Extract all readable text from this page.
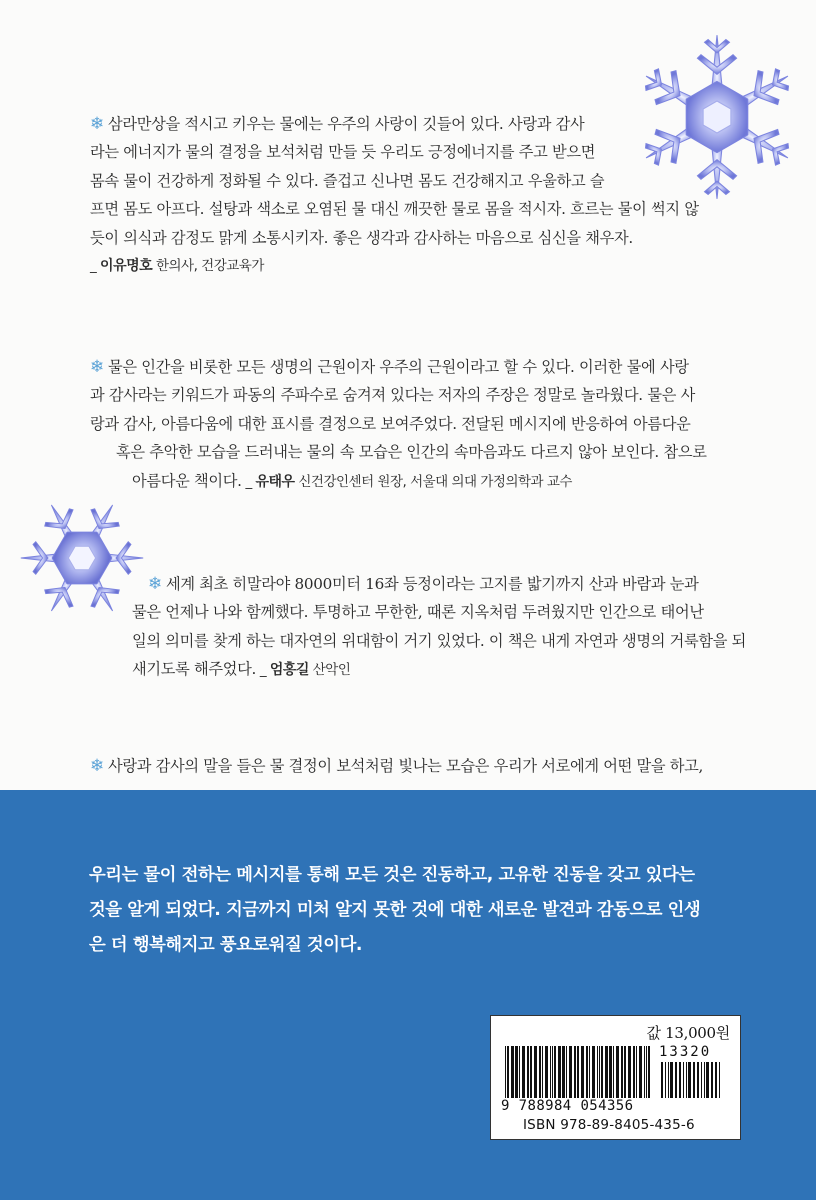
❄ 삼라만상을 적시고 키우는 물에는 우주의 사랑이 깃들어 있다. 사랑과 감사
라는 에너지가 물의 결정을 보석처럼 만들 듯 우리도 긍정에너지를 주고 받으면
몸속 물이 건강하게 정화될 수 있다. 즐겁고 신나면 몸도 건강해지고 우울하고 슬
프면 몸도 아프다. 설탕과 색소로 오염된 물 대신 깨끗한 물로 몸을 적시자. 흐르는 물이 썩지 않
듯이 의식과 감정도 맑게 소통시키자. 좋은 생각과 감사하는 마음으로 심신을 채우자.
_ 이유명호 한의사, 건강교육가
❄ 물은 인간을 비롯한 모든 생명의 근원이자 우주의 근원이라고 할 수 있다. 이러한 물에 사랑
과 감사라는 키워드가 파동의 주파수로 숨겨져 있다는 저자의 주장은 정말로 놀라웠다. 물은 사
랑과 감사, 아름다움에 대한 표시를 결정으로 보여주었다. 전달된 메시지에 반응하여 아름다운
혹은 추악한 모습을 드러내는 물의 속 모습은 인간의 속마음과도 다르지 않아 보인다. 참으로
아름다운 책이다. _ 유태우 신건강인센터 원장, 서울대 의대 가정의학과 교수
❄ 세계 최초 히말라야 8000미터 16좌 등정이라는 고지를 밟기까지 산과 바람과 눈과
물은 언제나 나와 함께했다. 투명하고 무한한, 때론 지옥처럼 두려웠지만 인간으로 태어난
일의 의미를 찾게 하는 대자연의 위대함이 거기 있었다. 이 책은 내게 자연과 생명의 거룩함을 되
새기도록 해주었다. _ 엄홍길 산악인
❄ 사랑과 감사의 말을 들은 물 결정이 보석처럼 빛나는 모습은 우리가 서로에게 어떤 말을 하고,
우리는 물이 전하는 메시지를 통해 모든 것은 진동하고, 고유한 진동을 갖고 있다는
것을 알게 되었다. 지금까지 미처 알지 못한 것에 대한 새로운 발견과 감동으로 인생
은 더 행복해지고 풍요로워질 것이다.
값 13,000원
13320
9 788984 054356
ISBN 978-89-8405-435-6
